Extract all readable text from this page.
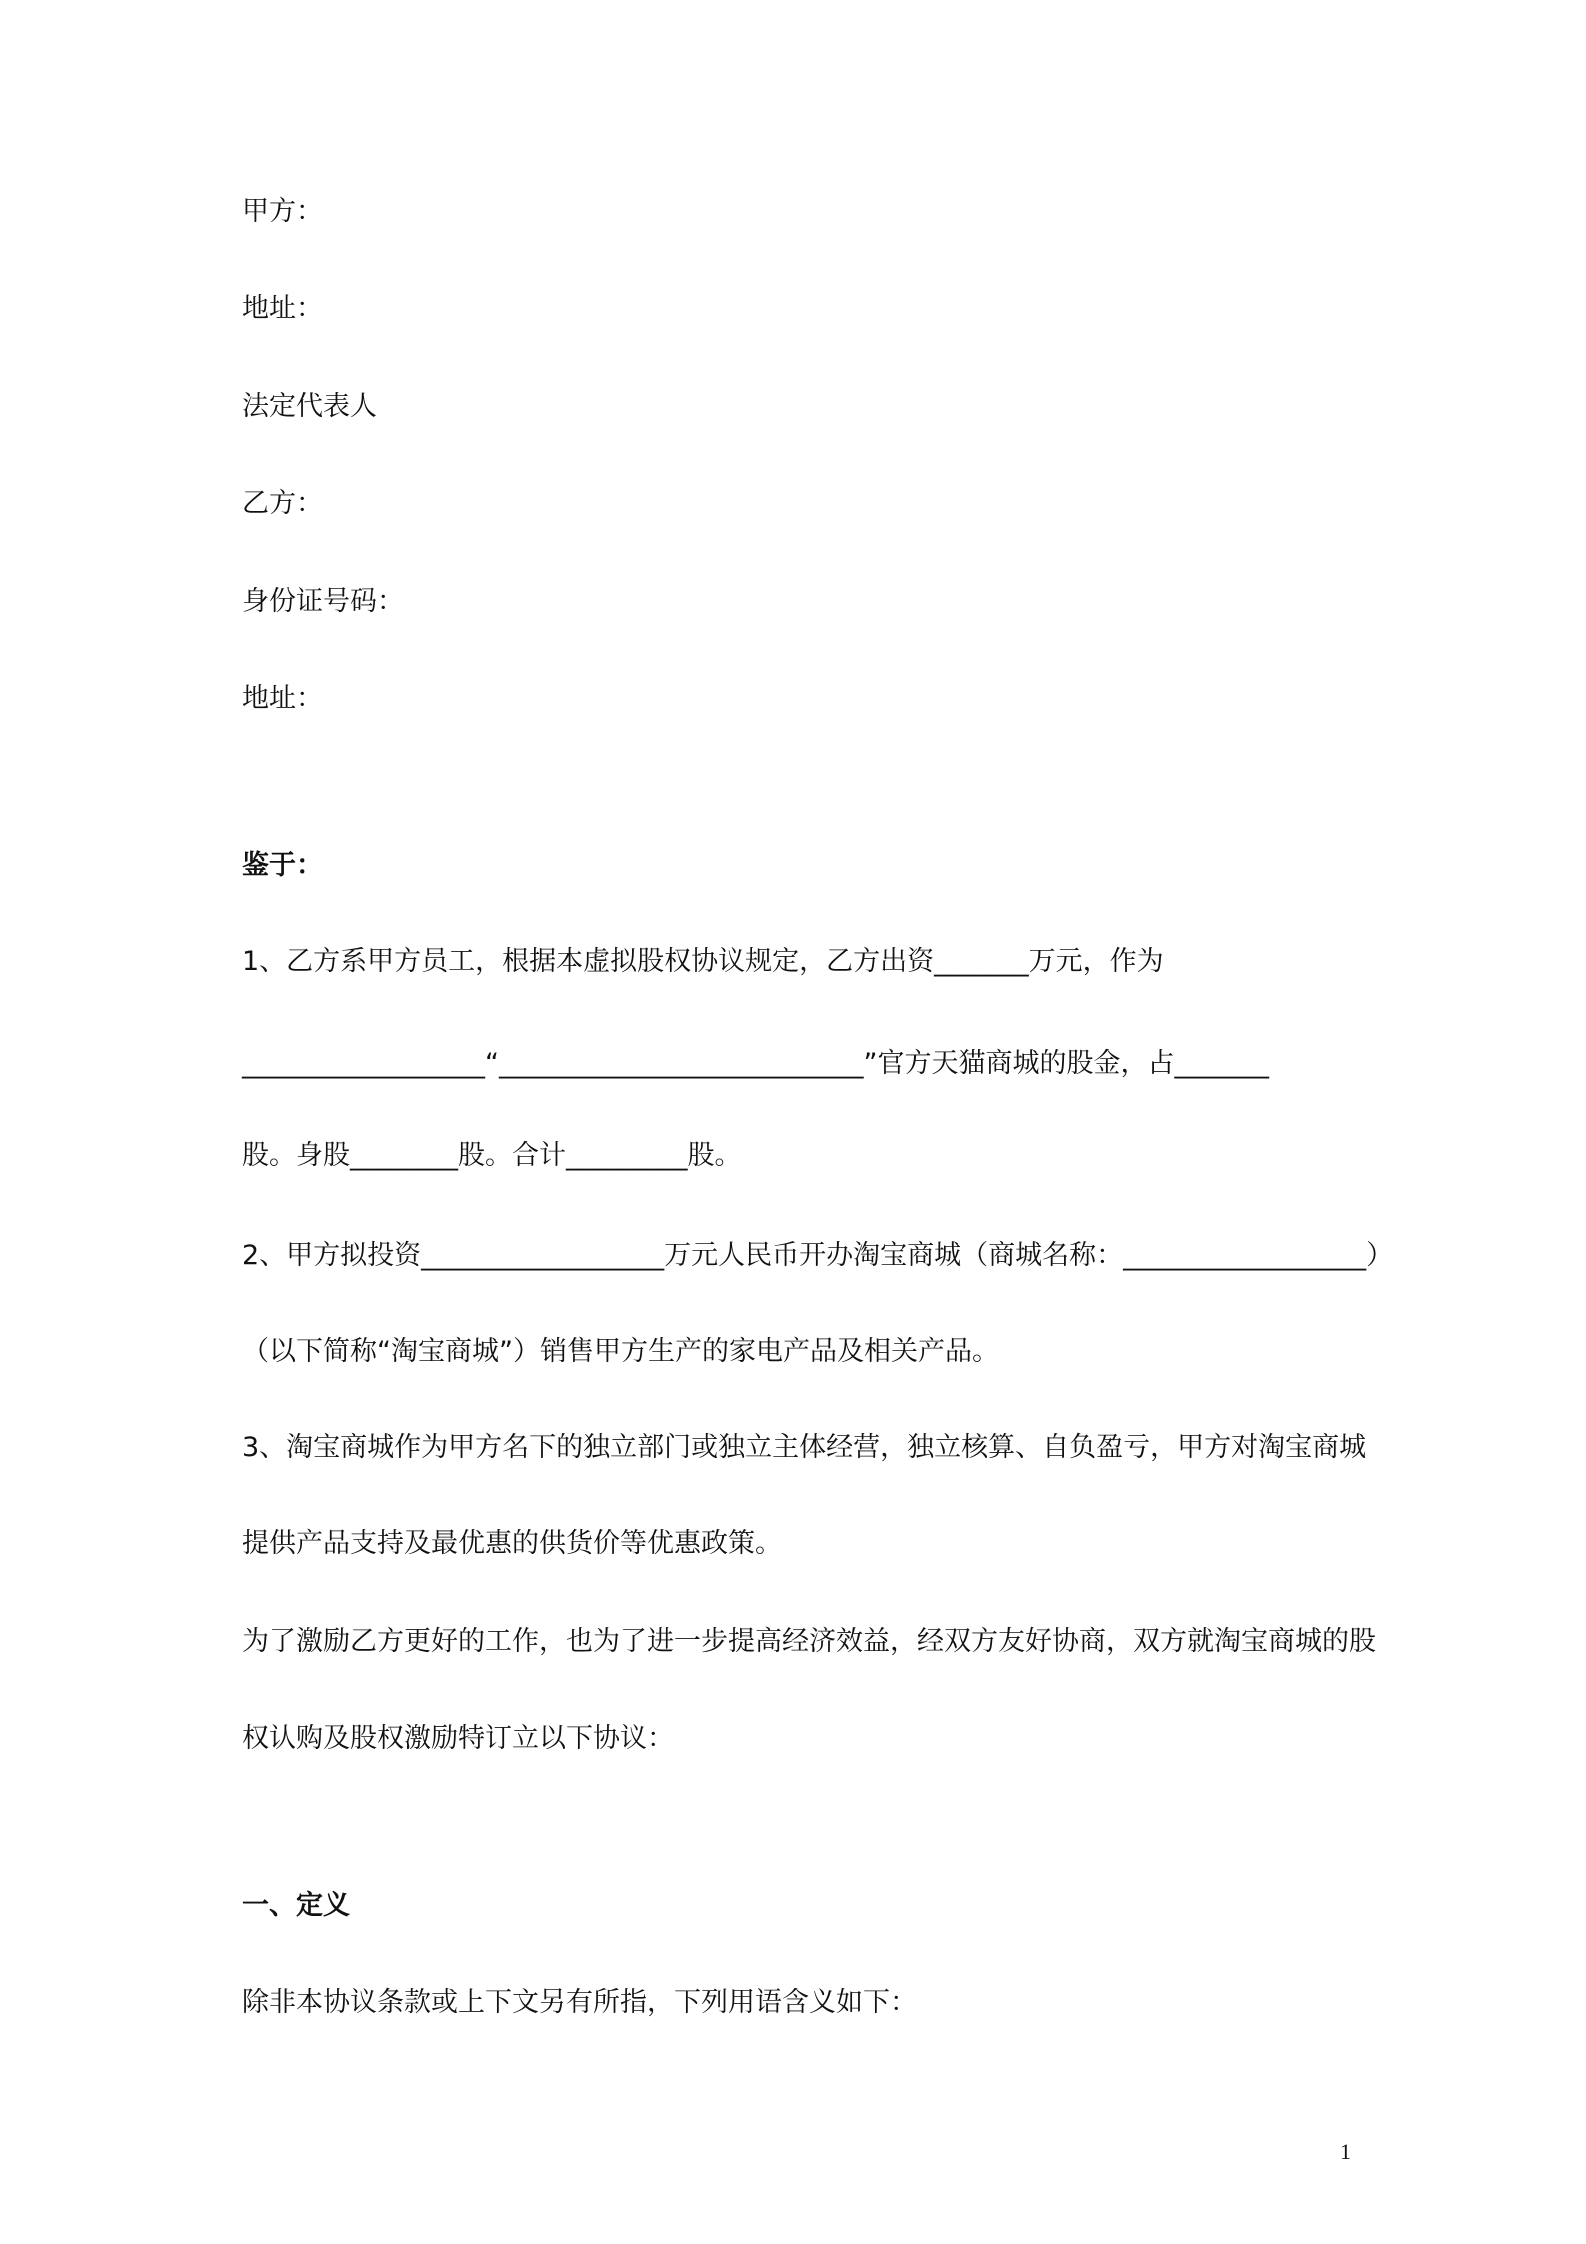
甲方：
地址：
法定代表人
乙方：
身份证号码：
地址：
鉴于：
1、乙方系甲方员工，根据本虚拟股权协议规定，乙方出资_______万元，作为
__________________“___________________________”官方天猫商城的股金，占_______
股。身股________股。合计_________股。
2、甲方拟投资__________________万元人民币开办淘宝商城（商城名称：__________________）
（以下简称“淘宝商城”）销售甲方生产的家电产品及相关产品。
3、淘宝商城作为甲方名下的独立部门或独立主体经营，独立核算、自负盈亏，甲方对淘宝商城
提供产品支持及最优惠的供货价等优惠政策。
为了激励乙方更好的工作，也为了进一步提高经济效益，经双方友好协商，双方就淘宝商城的股
权认购及股权激励特订立以下协议：
一、定义
除非本协议条款或上下文另有所指，下列用语含义如下：
1
